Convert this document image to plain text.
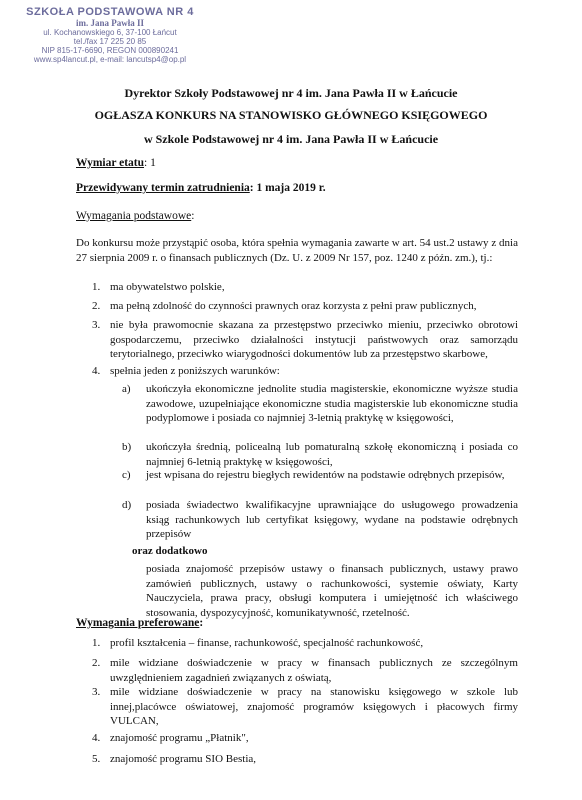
SZKOŁA PODSTAWOWA NR 4
im. Jana Pawła II
ul. Kochanowskiego 6, 37-100 Łańcut
tel./fax 17 225 20 85
NIP 815-17-6690, REGON 000890241
www.sp4lancut.pl, e-mail: lancutsp4@op.pl
Dyrektor Szkoły Podstawowej nr 4 im. Jana Pawła II w Łańcucie
OGŁASZA KONKURS NA STANOWISKO GŁÓWNEGO KSIĘGOWEGO
w Szkole Podstawowej nr 4 im. Jana Pawła II w Łańcucie
Wymiar etatu: 1
Przewidywany termin zatrudnienia: 1 maja 2019 r.
Wymagania podstawowe:
Do konkursu może przystąpić osoba, która spełnia wymagania zawarte w art. 54 ust.2 ustawy z dnia 27 sierpnia 2009 r. o finansach publicznych (Dz. U. z 2009 Nr 157, poz. 1240 z późn. zm.), tj.:
1. ma obywatelstwo polskie,
2. ma pełną zdolność do czynności prawnych oraz korzysta z pełni praw publicznych,
3. nie była prawomocnie skazana za przestępstwo przeciwko mieniu, przeciwko obrotowi gospodarczemu, przeciwko działalności instytucji państwowych oraz samorządu terytorialnego, przeciwko wiarygodności dokumentów lub za przestępstwo skarbowe,
4. spełnia jeden z poniższych warunków:
a) ukończyła ekonomiczne jednolite studia magisterskie, ekonomiczne wyższe studia zawodowe, uzupełniające ekonomiczne studia magisterskie lub ekonomiczne studia podyplomowe i posiada co najmniej 3-letnią praktykę w księgowości,
b) ukończyła średnią, policealną lub pomaturalną szkołę ekonomiczną i posiada co najmniej 6-letnią praktykę w księgowości,
c) jest wpisana do rejestru biegłych rewidentów na podstawie odrębnych przepisów,
d) posiada świadectwo kwalifikacyjne uprawniające do usługowego prowadzenia ksiąg rachunkowych lub certyfikat księgowy, wydane na podstawie odrębnych przepisów
oraz dodatkowo
posiada znajomość przepisów ustawy o finansach publicznych, ustawy prawo zamówień publicznych, ustawy o rachunkowości, systemie oświaty, Karty Nauczyciela, prawa pracy, obsługi komputera i umiejętność ich właściwego stosowania, dyspozycyjność, komunikatywność, rzetelność.
Wymagania preferowane:
1. profil kształcenia – finanse, rachunkowość, specjalność rachunkowość,
2. mile widziane doświadczenie w pracy w finansach publicznych ze szczególnym uwzględnieniem zagadnień związanych z oświatą,
3. mile widziane doświadczenie w pracy na stanowisku księgowego w szkole lub innej,placówce oświatowej, znajomość programów księgowych i płacowych firmy VULCAN,
4. znajomość programu „Płatnik",
5. znajomość programu SIO Bestia,
